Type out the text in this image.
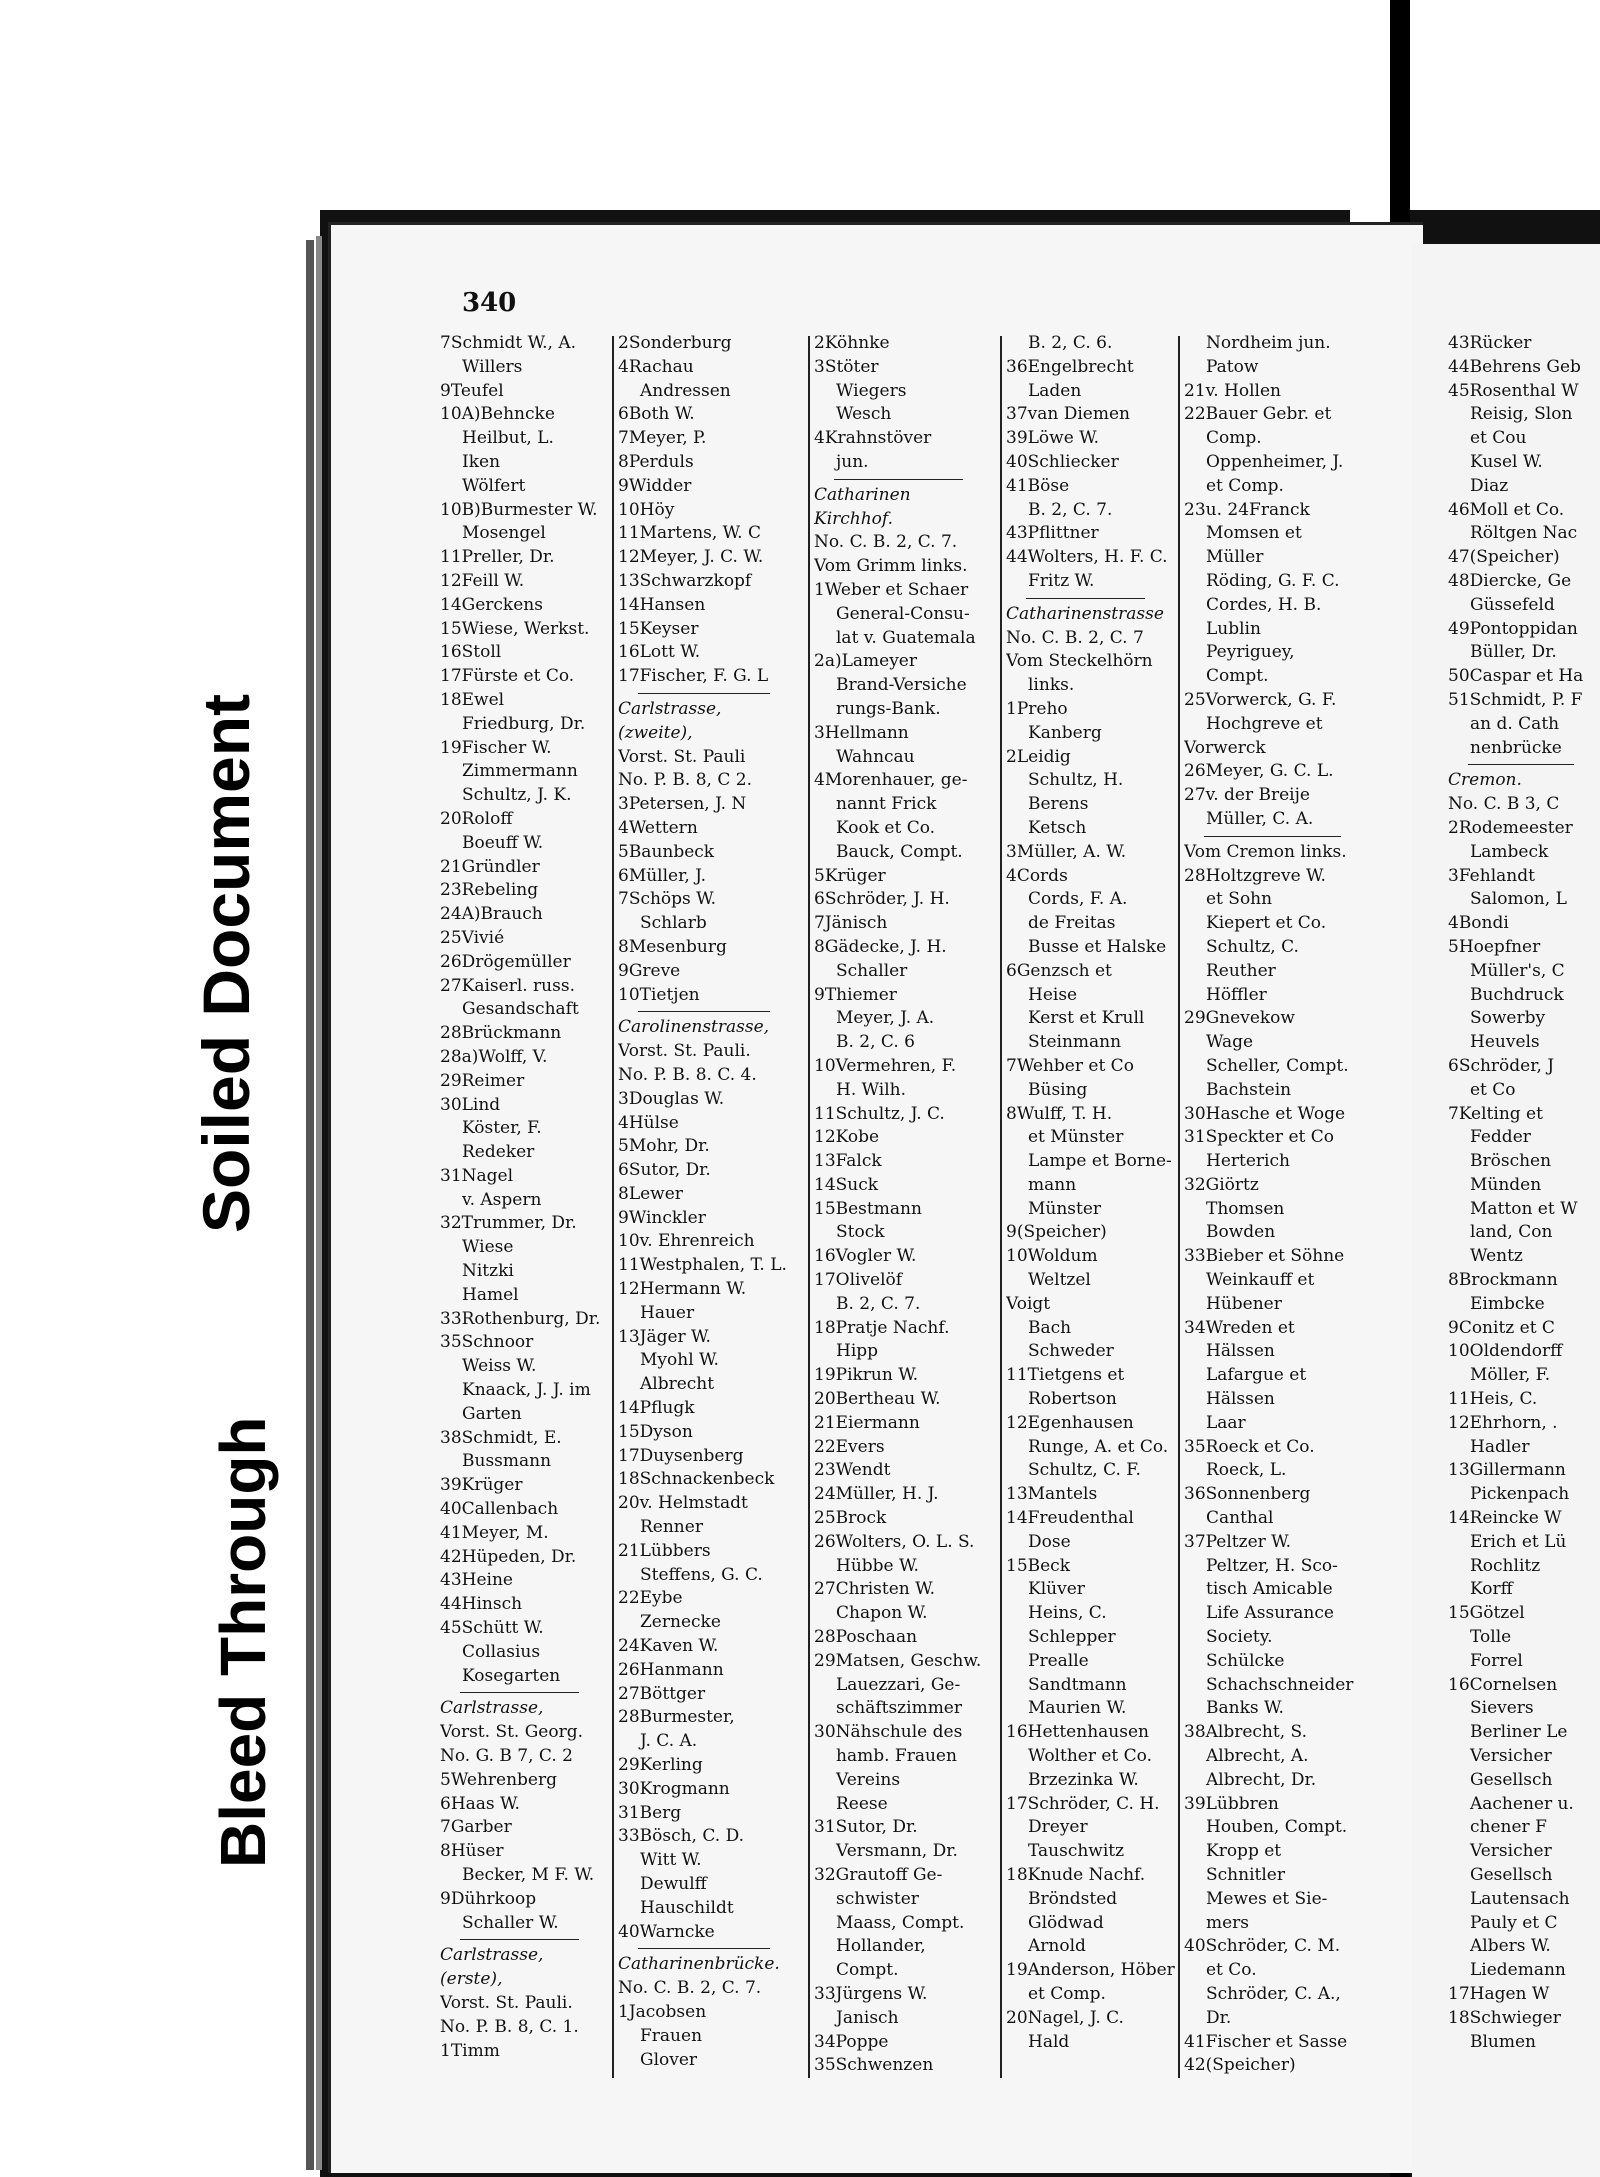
Soiled Document
Bleed Through
340
7Schmidt W., A.
Willers
9Teufel
10A)Behncke
Heilbut, L.
Iken
Wölfert
10B)Burmester W.
Mosengel
11Preller, Dr.
12Feill W.
14Gerckens
15Wiese, Werkst.
16Stoll
17Fürste et Co.
18Ewel
Friedburg, Dr.
19Fischer W.
Zimmermann
Schultz, J. K.
20Roloff
Boeuff W.
21Gründler
23Rebeling
24A)Brauch
25Vivié
26Drögemüller
27Kaiserl. russ.
Gesandschaft
28Brückmann
28a)Wolff, V.
29Reimer
30Lind
Köster, F.
Redeker
31Nagel
v. Aspern
32Trummer, Dr.
Wiese
Nitzki
Hamel
33Rothenburg, Dr.
35Schnoor
Weiss W.
Knaack, J. J. im
Garten
38Schmidt, E.
Bussmann
39Krüger
40Callenbach
41Meyer, M.
42Hüpeden, Dr.
43Heine
44Hinsch
45Schütt W.
Collasius
Kosegarten
Carlstrasse,
Vorst. St. Georg.
No. G. B 7, C. 2
5Wehrenberg
6Haas W.
7Garber
8Hüser
Becker, M F. W.
9Dührkoop
Schaller W.
Carlstrasse,
(erste),
Vorst. St. Pauli.
No. P. B. 8, C. 1.
1Timm
2Sonderburg
4Rachau
Andressen
6Both W.
7Meyer, P.
8Perduls
9Widder
10Höy
11Martens, W. C
12Meyer, J. C. W.
13Schwarzkopf
14Hansen
15Keyser
16Lott W.
17Fischer, F. G. L
Carlstrasse,
(zweite),
Vorst. St. Pauli
No. P. B. 8, C 2.
3Petersen, J. N
4Wettern
5Baunbeck
6Müller, J.
7Schöps W.
Schlarb
8Mesenburg
9Greve
10Tietjen
Carolinenstrasse,
Vorst. St. Pauli.
No. P. B. 8. C. 4.
3Douglas W.
4Hülse
5Mohr, Dr.
6Sutor, Dr.
8Lewer
9Winckler
10v. Ehrenreich
11Westphalen, T. L.
12Hermann W.
Hauer
13Jäger W.
Myohl W.
Albrecht
14Pflugk
15Dyson
17Duysenberg
18Schnackenbeck
20v. Helmstadt
Renner
21Lübbers
Steffens, G. C.
22Eybe
Zernecke
24Kaven W.
26Hanmann
27Böttger
28Burmester,
J. C. A.
29Kerling
30Krogmann
31Berg
33Bösch, C. D.
Witt W.
Dewulff
Hauschildt
40Warncke
Catharinenbrücke.
No. C. B. 2, C. 7.
1Jacobsen
Frauen
Glover
2Köhnke
3Stöter
Wiegers
Wesch
4Krahnstöver
jun.
Catharinen
Kirchhof.
No. C. B. 2, C. 7.
Vom Grimm links.
1Weber et Schaer
General-Consu-
lat v. Guatemala
2a)Lameyer
Brand-Versiche
rungs-Bank.
3Hellmann
Wahncau
4Morenhauer, ge-
nannt Frick
Kook et Co.
Bauck, Compt.
5Krüger
6Schröder, J. H.
7Jänisch
8Gädecke, J. H.
Schaller
9Thiemer
Meyer, J. A.
B. 2, C. 6
10Vermehren, F.
H. Wilh.
11Schultz, J. C.
12Kobe
13Falck
14Suck
15Bestmann
Stock
16Vogler W.
17Olivelöf
B. 2, C. 7.
18Pratje Nachf.
Hipp
19Pikrun W.
20Bertheau W.
21Eiermann
22Evers
23Wendt
24Müller, H. J.
25Brock
26Wolters, O. L. S.
Hübbe W.
27Christen W.
Chapon W.
28Poschaan
29Matsen, Geschw.
Lauezzari, Ge-
schäftszimmer
30Nähschule des
hamb. Frauen
Vereins
Reese
31Sutor, Dr.
Versmann, Dr.
32Grautoff Ge-
schwister
Maass, Compt.
Hollander,
Compt.
33Jürgens W.
Janisch
34Poppe
35Schwenzen
B. 2, C. 6.
36Engelbrecht
Laden
37van Diemen
39Löwe W.
40Schliecker
41Böse
B. 2, C. 7.
43Pflittner
44Wolters, H. F. C.
Fritz W.
Catharinenstrasse
No. C. B. 2, C. 7
Vom Steckelhörn
links.
1Preho
Kanberg
2Leidig
Schultz, H.
Berens
Ketsch
3Müller, A. W.
4Cords
Cords, F. A.
de Freitas
Busse et Halske
6Genzsch et
Heise
Kerst et Krull
Steinmann
7Wehber et Co
Büsing
8Wulff, T. H.
et Münster
Lampe et Borne-
mann
Münster
9(Speicher)
10Woldum
Weltzel
Voigt
Bach
Schweder
11Tietgens et
Robertson
12Egenhausen
Runge, A. et Co.
Schultz, C. F.
13Mantels
14Freudenthal
Dose
15Beck
Klüver
Heins, C.
Schlepper
Prealle
Sandtmann
Maurien W.
16Hettenhausen
Wolther et Co.
Brzezinka W.
17Schröder, C. H.
Dreyer
Tauschwitz
18Knude Nachf.
Bröndsted
Glödwad
Arnold
19Anderson, Höber
et Comp.
20Nagel, J. C.
Hald
Nordheim jun.
Patow
21v. Hollen
22Bauer Gebr. et
Comp.
Oppenheimer, J.
et Comp.
23u. 24Franck
Momsen et
Müller
Röding, G. F. C.
Cordes, H. B.
Lublin
Peyriguey,
Compt.
25Vorwerck, G. F.
Hochgreve et
Vorwerck
26Meyer, G. C. L.
27v. der Breije
Müller, C. A.
Vom Cremon links.
28Holtzgreve W.
et Sohn
Kiepert et Co.
Schultz, C.
Reuther
Höffler
29Gnevekow
Wage
Scheller, Compt.
Bachstein
30Hasche et Woge
31Speckter et Co
Herterich
32Giörtz
Thomsen
Bowden
33Bieber et Söhne
Weinkauff et
Hübener
34Wreden et
Hälssen
Lafargue et
Hälssen
Laar
35Roeck et Co.
Roeck, L.
36Sonnenberg
Canthal
37Peltzer W.
Peltzer, H. Sco-
tisch Amicable
Life Assurance
Society.
Schülcke
Schachschneider
Banks W.
38Albrecht, S.
Albrecht, A.
Albrecht, Dr.
39Lübbren
Houben, Compt.
Kropp et
Schnitler
Mewes et Sie-
mers
40Schröder, C. M.
et Co.
Schröder, C. A.,
Dr.
41Fischer et Sasse
42(Speicher)
43Rücker
44Behrens Geb
45Rosenthal W
Reisig, Slon
et Cou
Kusel W.
Diaz
46Moll et Co.
Röltgen Nac
47(Speicher)
48Diercke, Ge
Güssefeld
49Pontoppidan
Büller, Dr.
50Caspar et Ha
51Schmidt, P. F
an d. Cath
nenbrücke
Cremon.
No. C. B 3, C
2Rodemeester
Lambeck
3Fehlandt
Salomon, L
4Bondi
5Hoepfner
Müller's, C
Buchdruck
Sowerby
Heuvels
6Schröder, J
et Co
7Kelting et
Fedder
Bröschen
Münden
Matton et W
land, Con
Wentz
8Brockmann
Eimbcke
9Conitz et C
10Oldendorff
Möller, F.
11Heis, C.
12Ehrhorn, .
Hadler
13Gillermann
Pickenpach
14Reincke W
Erich et Lü
Rochlitz
Korff
15Götzel
Tolle
Forrel
16Cornelsen
Sievers
Berliner Le
Versicher
Gesellsch
Aachener u.
chener F
Versicher
Gesellsch
Lautensach
Pauly et C
Albers W.
Liedemann
17Hagen W
18Schwieger
Blumen
